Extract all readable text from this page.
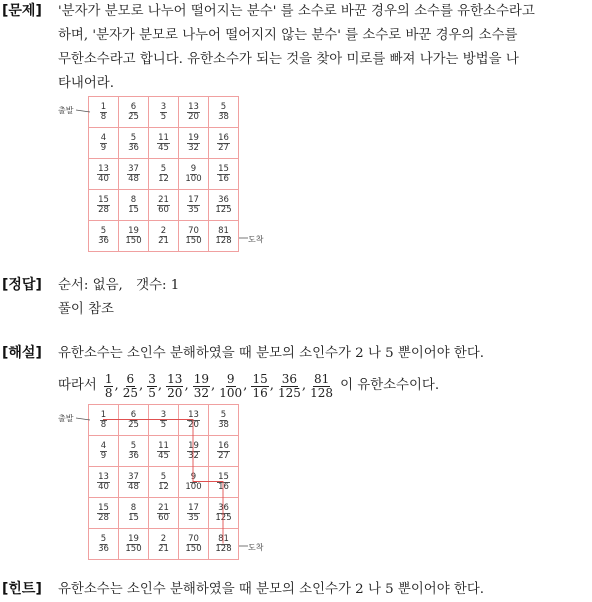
[문제] '분자가 분모로 나누어 떨어지는 분수' 를 소수로 바꾼 경우의 소수를 유한소수라고

하며, '분자가 분모로 나누어 떨어지지 않는 분수' 를 소수로 바꾼 경우의 소수를

무한소수라고 합니다. 유한소수가 되는 것을 찾아 미로를 빠져 나가는 방법을 나

타내어라.

출발 $\frac{1}{8} \frac{6}{25} \frac{3}{5} \frac{13}{20} \frac{5}{38}$
$\frac{4}{9} \frac{5}{36} \frac{11}{45} \frac{19}{32} \frac{16}{27}$
$\frac{13}{40} \frac{37}{48} \frac{5}{12} \frac{9}{100} \frac{15}{16}$
$\frac{15}{28} \frac{8}{15} \frac{21}{60} \frac{17}{35} \frac{36}{125}$
$\frac{5}{36} \frac{19}{150} \frac{2}{21} \frac{70}{150} \frac{81}{128}$ 도착
[정답] 순서: 없음,　갯수: 1

풀이 참조

[해설] 유한소수는 소인수 분해하였을 때 분모의 소인수가 2 나 5 뿐이어야 한다.

따라서 $\frac{1}{8}$ , $\frac{6}{25}$ , $\frac{3}{5}$ , $\frac{13}{20}$ , $\frac{19}{32}$ , $\frac{9}{100}$ , $\frac{15}{16}$ , $\frac{36}{125}$ , $\frac{81}{128}$ 이 유한소수이다.
출발 $\frac{1}{8} \frac{6}{25} \frac{3}{5} \frac{13}{20} \frac{5}{38}$
$\frac{4}{9} \frac{5}{36} \frac{11}{45} \frac{19}{32} \frac{16}{27}$
$\frac{13}{40} \frac{37}{48} \frac{5}{12} \frac{9}{100} \frac{15}{16}$
$\frac{15}{28} \frac{8}{15} \frac{21}{60} \frac{17}{35} \frac{36}{125}$
$\frac{5}{36} \frac{19}{150} \frac{2}{21} \frac{70}{150} \frac{81}{128}$ 도착
[힌트] 유한소수는 소인수 분해하였을 때 분모의 소인수가 2 나 5 뿐이어야 한다.
